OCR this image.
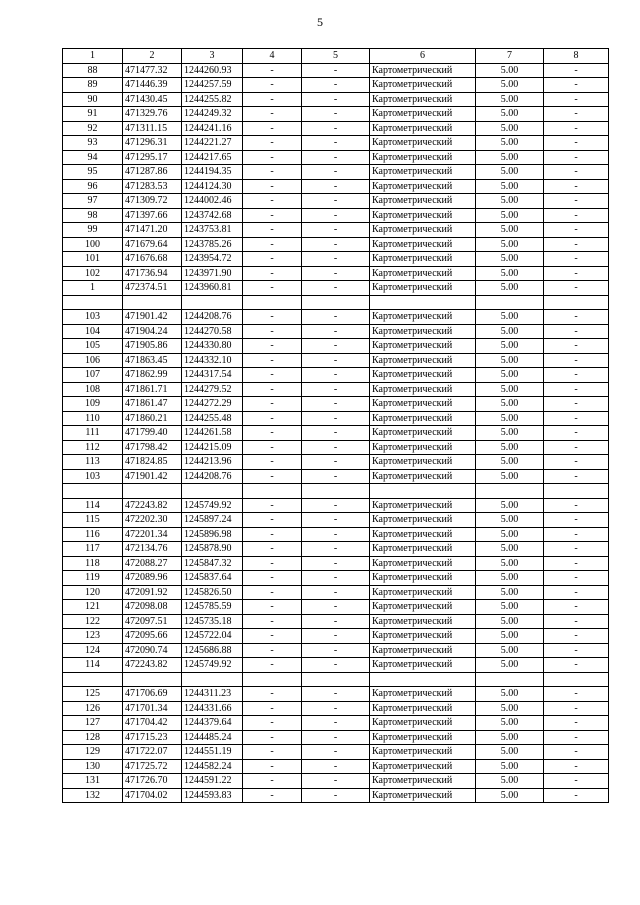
5
1	2	3	4	5	6	7	8
88	471477.32	1244260.93	-	-	Картометрический	5.00	-
89	471446.39	1244257.59	-	-	Картометрический	5.00	-
90	471430.45	1244255.82	-	-	Картометрический	5.00	-
91	471329.76	1244249.32	-	-	Картометрический	5.00	-
92	471311.15	1244241.16	-	-	Картометрический	5.00	-
93	471296.31	1244221.27	-	-	Картометрический	5.00	-
94	471295.17	1244217.65	-	-	Картометрический	5.00	-
95	471287.86	1244194.35	-	-	Картометрический	5.00	-
96	471283.53	1244124.30	-	-	Картометрический	5.00	-
97	471309.72	1244002.46	-	-	Картометрический	5.00	-
98	471397.66	1243742.68	-	-	Картометрический	5.00	-
99	471471.20	1243753.81	-	-	Картометрический	5.00	-
100	471679.64	1243785.26	-	-	Картометрический	5.00	-
101	471676.68	1243954.72	-	-	Картометрический	5.00	-
102	471736.94	1243971.90	-	-	Картометрический	5.00	-
1	472374.51	1243960.81	-	-	Картометрический	5.00	-

103	471901.42	1244208.76	-	-	Картометрический	5.00	-
104	471904.24	1244270.58	-	-	Картометрический	5.00	-
105	471905.86	1244330.80	-	-	Картометрический	5.00	-
106	471863.45	1244332.10	-	-	Картометрический	5.00	-
107	471862.99	1244317.54	-	-	Картометрический	5.00	-
108	471861.71	1244279.52	-	-	Картометрический	5.00	-
109	471861.47	1244272.29	-	-	Картометрический	5.00	-
110	471860.21	1244255.48	-	-	Картометрический	5.00	-
111	471799.40	1244261.58	-	-	Картометрический	5.00	-
112	471798.42	1244215.09	-	-	Картометрический	5.00	-
113	471824.85	1244213.96	-	-	Картометрический	5.00	-
103	471901.42	1244208.76	-	-	Картометрический	5.00	-

114	472243.82	1245749.92	-	-	Картометрический	5.00	-
115	472202.30	1245897.24	-	-	Картометрический	5.00	-
116	472201.34	1245896.98	-	-	Картометрический	5.00	-
117	472134.76	1245878.90	-	-	Картометрический	5.00	-
118	472088.27	1245847.32	-	-	Картометрический	5.00	-
119	472089.96	1245837.64	-	-	Картометрический	5.00	-
120	472091.92	1245826.50	-	-	Картометрический	5.00	-
121	472098.08	1245785.59	-	-	Картометрический	5.00	-
122	472097.51	1245735.18	-	-	Картометрический	5.00	-
123	472095.66	1245722.04	-	-	Картометрический	5.00	-
124	472090.74	1245686.88	-	-	Картометрический	5.00	-
114	472243.82	1245749.92	-	-	Картометрический	5.00	-

125	471706.69	1244311.23	-	-	Картометрический	5.00	-
126	471701.34	1244331.66	-	-	Картометрический	5.00	-
127	471704.42	1244379.64	-	-	Картометрический	5.00	-
128	471715.23	1244485.24	-	-	Картометрический	5.00	-
129	471722.07	1244551.19	-	-	Картометрический	5.00	-
130	471725.72	1244582.24	-	-	Картометрический	5.00	-
131	471726.70	1244591.22	-	-	Картометрический	5.00	-
132	471704.02	1244593.83	-	-	Картометрический	5.00	-
